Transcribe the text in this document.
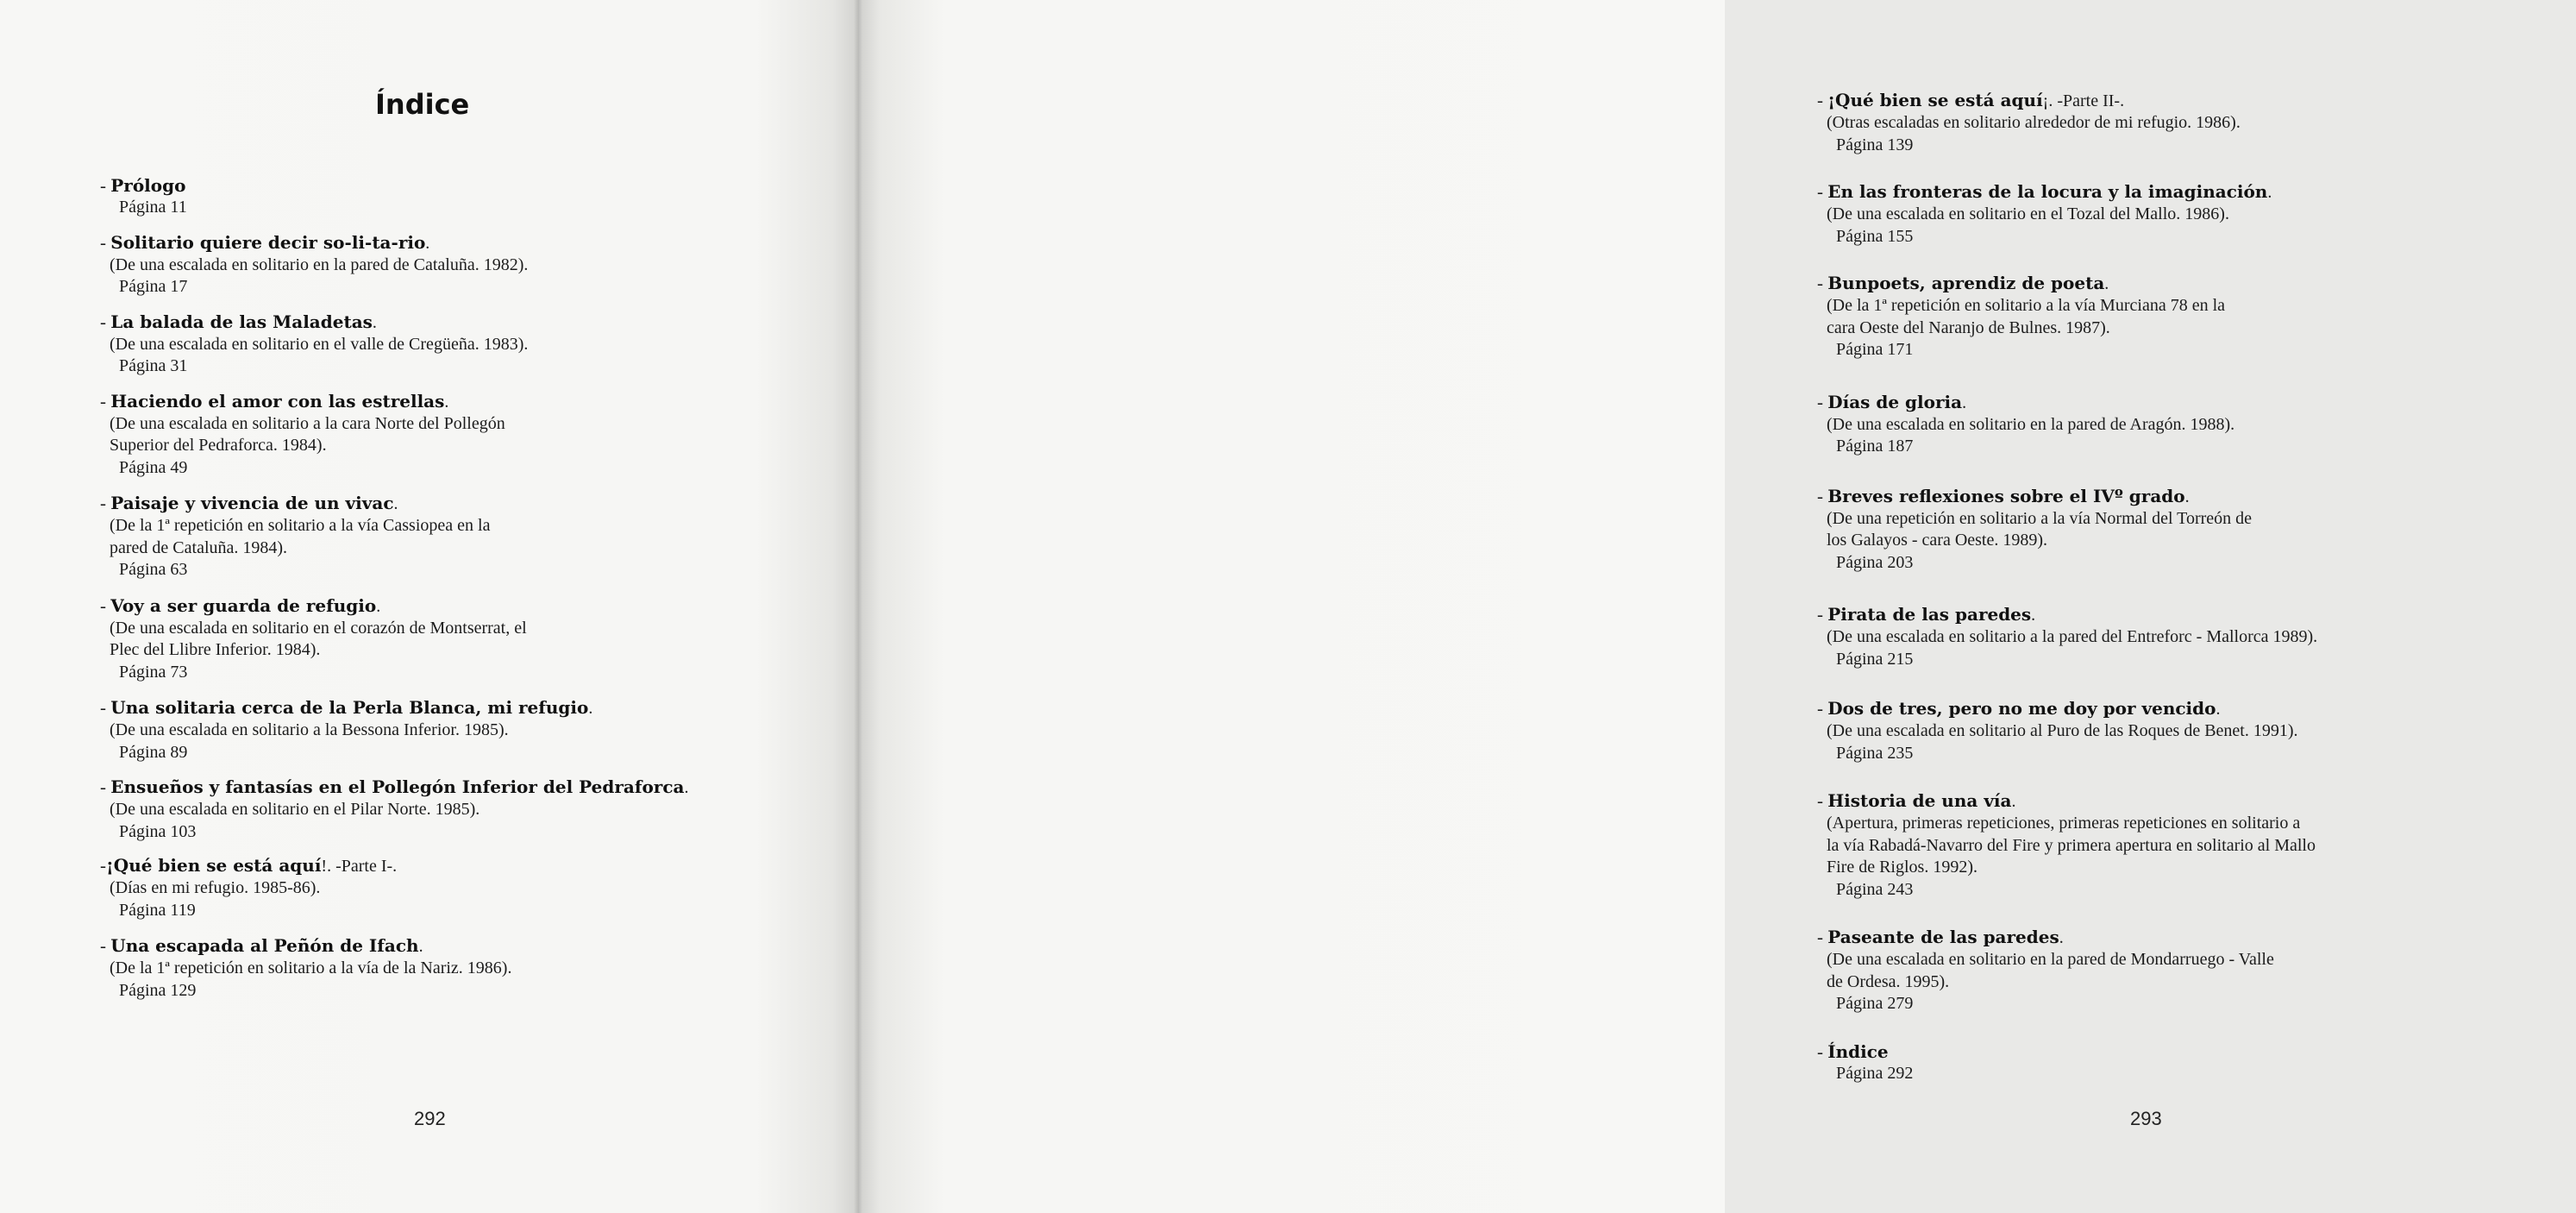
Índice
- Prólogo
Página 11
- Solitario quiere decir so-li-ta-rio.
(De una escalada en solitario en la pared de Cataluña. 1982).
Página 17
- La balada de las Maladetas.
(De una escalada en solitario en el valle de Cregüeña. 1983).
Página 31
- Haciendo el amor con las estrellas.
(De una escalada en solitario a la cara Norte del Pollegón
Superior del Pedraforca. 1984).
Página 49
- Paisaje y vivencia de un vivac.
(De la 1ª repetición en solitario a la vía Cassiopea en la
pared de Cataluña. 1984).
Página 63
- Voy a ser guarda de refugio.
(De una escalada en solitario en el corazón de Montserrat, el
Plec del Llibre Inferior. 1984).
Página 73
- Una solitaria cerca de la Perla Blanca, mi refugio.
(De una escalada en solitario a la Bessona Inferior. 1985).
Página 89
- Ensueños y fantasías en el Pollegón Inferior del Pedraforca.
(De una escalada en solitario en el Pilar Norte. 1985).
Página 103
-¡Qué bien se está aquí!. -Parte I-.
(Días en mi refugio. 1985-86).
Página 119
- Una escapada al Peñón de Ifach.
(De la 1ª repetición en solitario a la vía de la Nariz. 1986).
Página 129
292
- ¡Qué bien se está aquí¡. -Parte II-.
(Otras escaladas en solitario alrededor de mi refugio. 1986).
Página 139
- En las fronteras de la locura y la imaginación.
(De una escalada en solitario en el Tozal del Mallo. 1986).
Página 155
- Bunpoets, aprendiz de poeta.
(De la 1ª repetición en solitario a la vía Murciana 78 en la
cara Oeste del Naranjo de Bulnes. 1987).
Página 171
- Días de gloria.
(De una escalada en solitario en la pared de Aragón. 1988).
Página 187
- Breves reflexiones sobre el IVº grado.
(De una repetición en solitario a la vía Normal del Torreón de
los Galayos - cara Oeste. 1989).
Página 203
- Pirata de las paredes.
(De una escalada en solitario a la pared del Entreforc - Mallorca 1989).
Página 215
- Dos de tres, pero no me doy por vencido.
(De una escalada en solitario al Puro de las Roques de Benet. 1991).
Página 235
- Historia de una vía.
(Apertura, primeras repeticiones, primeras repeticiones en solitario a
la vía Rabadá-Navarro del Fire y primera apertura en solitario al Mallo
Fire de Riglos. 1992).
Página 243
- Paseante de las paredes.
(De una escalada en solitario en la pared de Mondarruego - Valle
de Ordesa. 1995).
Página 279
- Índice
Página 292
293
